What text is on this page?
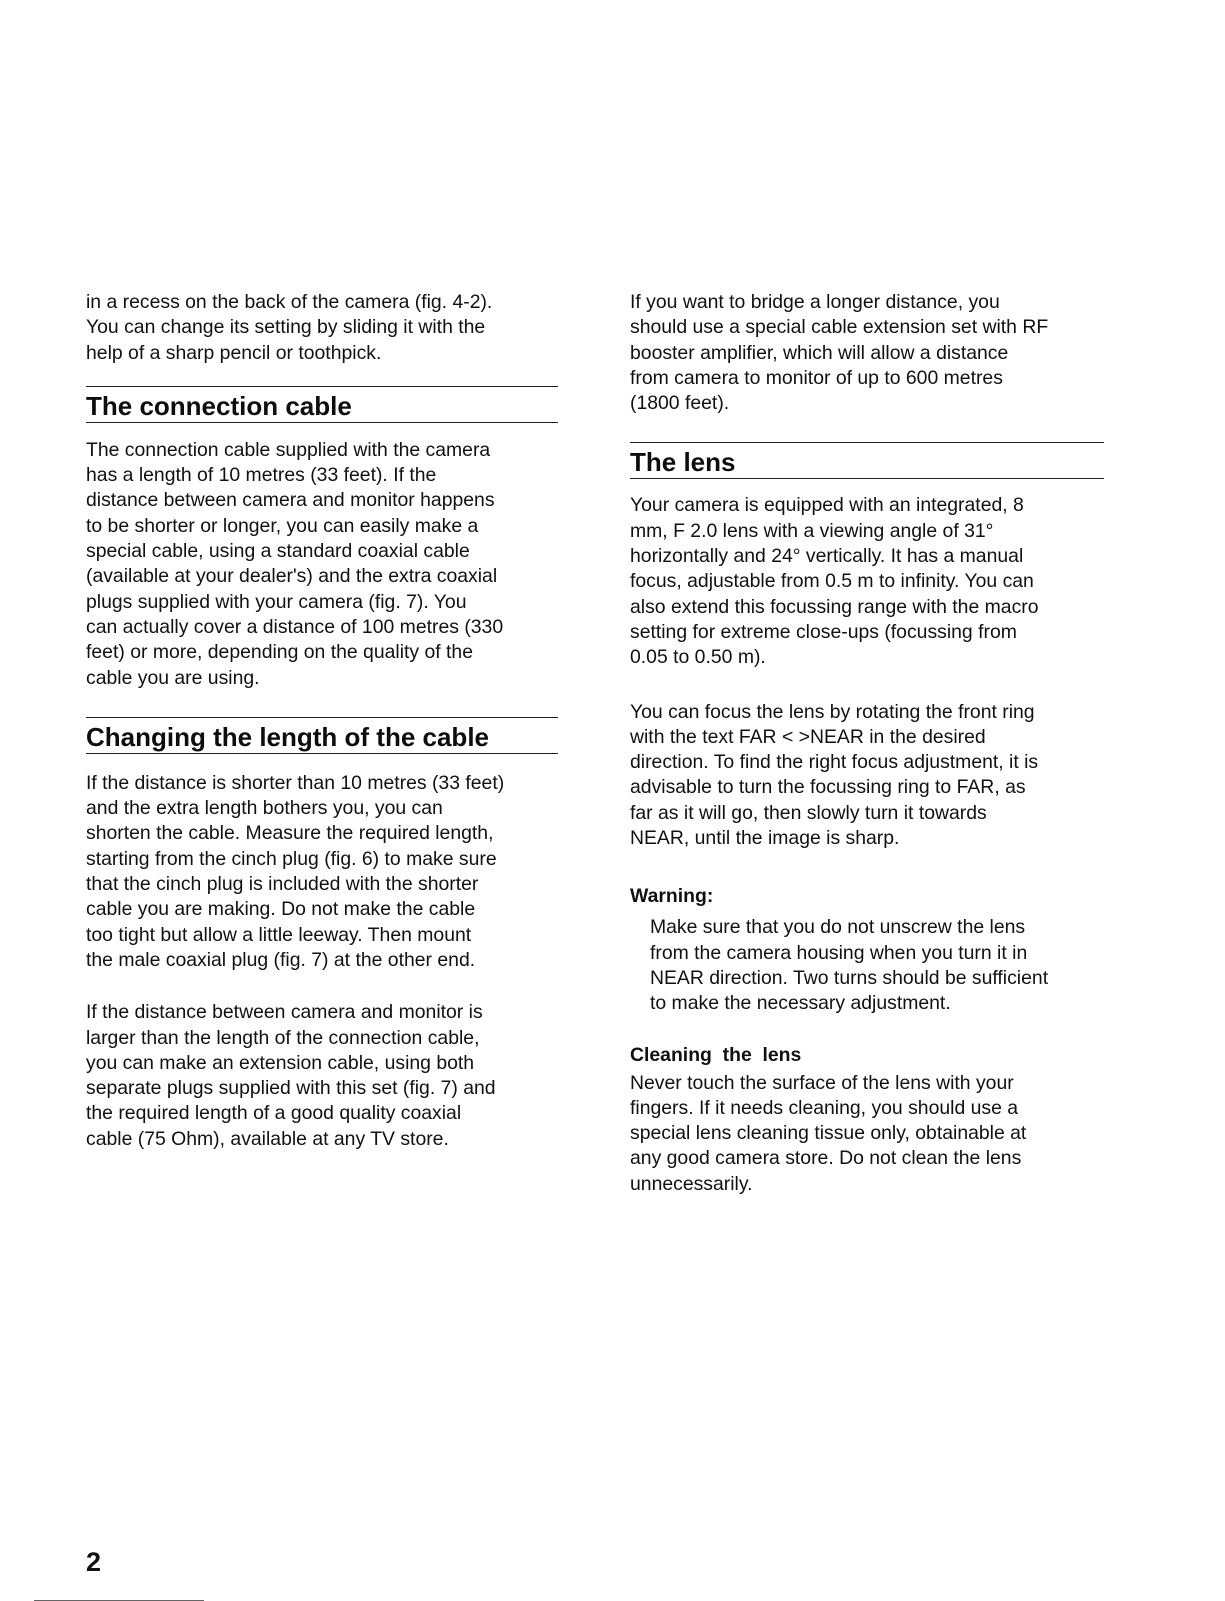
in a recess on the back of the camera (fig. 4-2).
You can change its setting by sliding it with the
help of a sharp pencil or toothpick.
The connection cable
The connection cable supplied with the camera
has a length of 10 metres (33 feet). If the
distance between camera and monitor happens
to be shorter or longer, you can easily make a
special cable, using a standard coaxial cable
(available at your dealer's) and the extra coaxial
plugs supplied with your camera (fig. 7). You
can actually cover a distance of 100 metres (330
feet) or more, depending on the quality of the
cable you are using.
Changing the length of the cable
If the distance is shorter than 10 metres (33 feet)
and the extra length bothers you, you can
shorten the cable. Measure the required length,
starting from the cinch plug (fig. 6) to make sure
that the cinch plug is included with the shorter
cable you are making. Do not make the cable
too tight but allow a little leeway. Then mount
the male coaxial plug (fig. 7) at the other end.
If the distance between camera and monitor is
larger than the length of the connection cable,
you can make an extension cable, using both
separate plugs supplied with this set (fig. 7) and
the required length of a good quality coaxial
cable (75 Ohm), available at any TV store.
If you want to bridge a longer distance, you
should use a special cable extension set with RF
booster amplifier, which will allow a distance
from camera to monitor of up to 600 metres
(1800 feet).
The lens
Your camera is equipped with an integrated, 8
mm, F 2.0 lens with a viewing angle of 31°
horizontally and 24° vertically. It has a manual
focus, adjustable from 0.5 m to infinity. You can
also extend this focussing range with the macro
setting for extreme close-ups (focussing from
0.05 to 0.50 m).
You can focus the lens by rotating the front ring
with the text FAR < >NEAR in the desired
direction. To find the right focus adjustment, it is
advisable to turn the focussing ring to FAR, as
far as it will go, then slowly turn it towards
NEAR, until the image is sharp.
Warning:
Make sure that you do not unscrew the lens
from the camera housing when you turn it in
NEAR direction. Two turns should be sufficient
to make the necessary adjustment.
Cleaning  the  lens
Never touch the surface of the lens with your
fingers. If it needs cleaning, you should use a
special lens cleaning tissue only, obtainable at
any good camera store. Do not clean the lens
unnecessarily.
2
